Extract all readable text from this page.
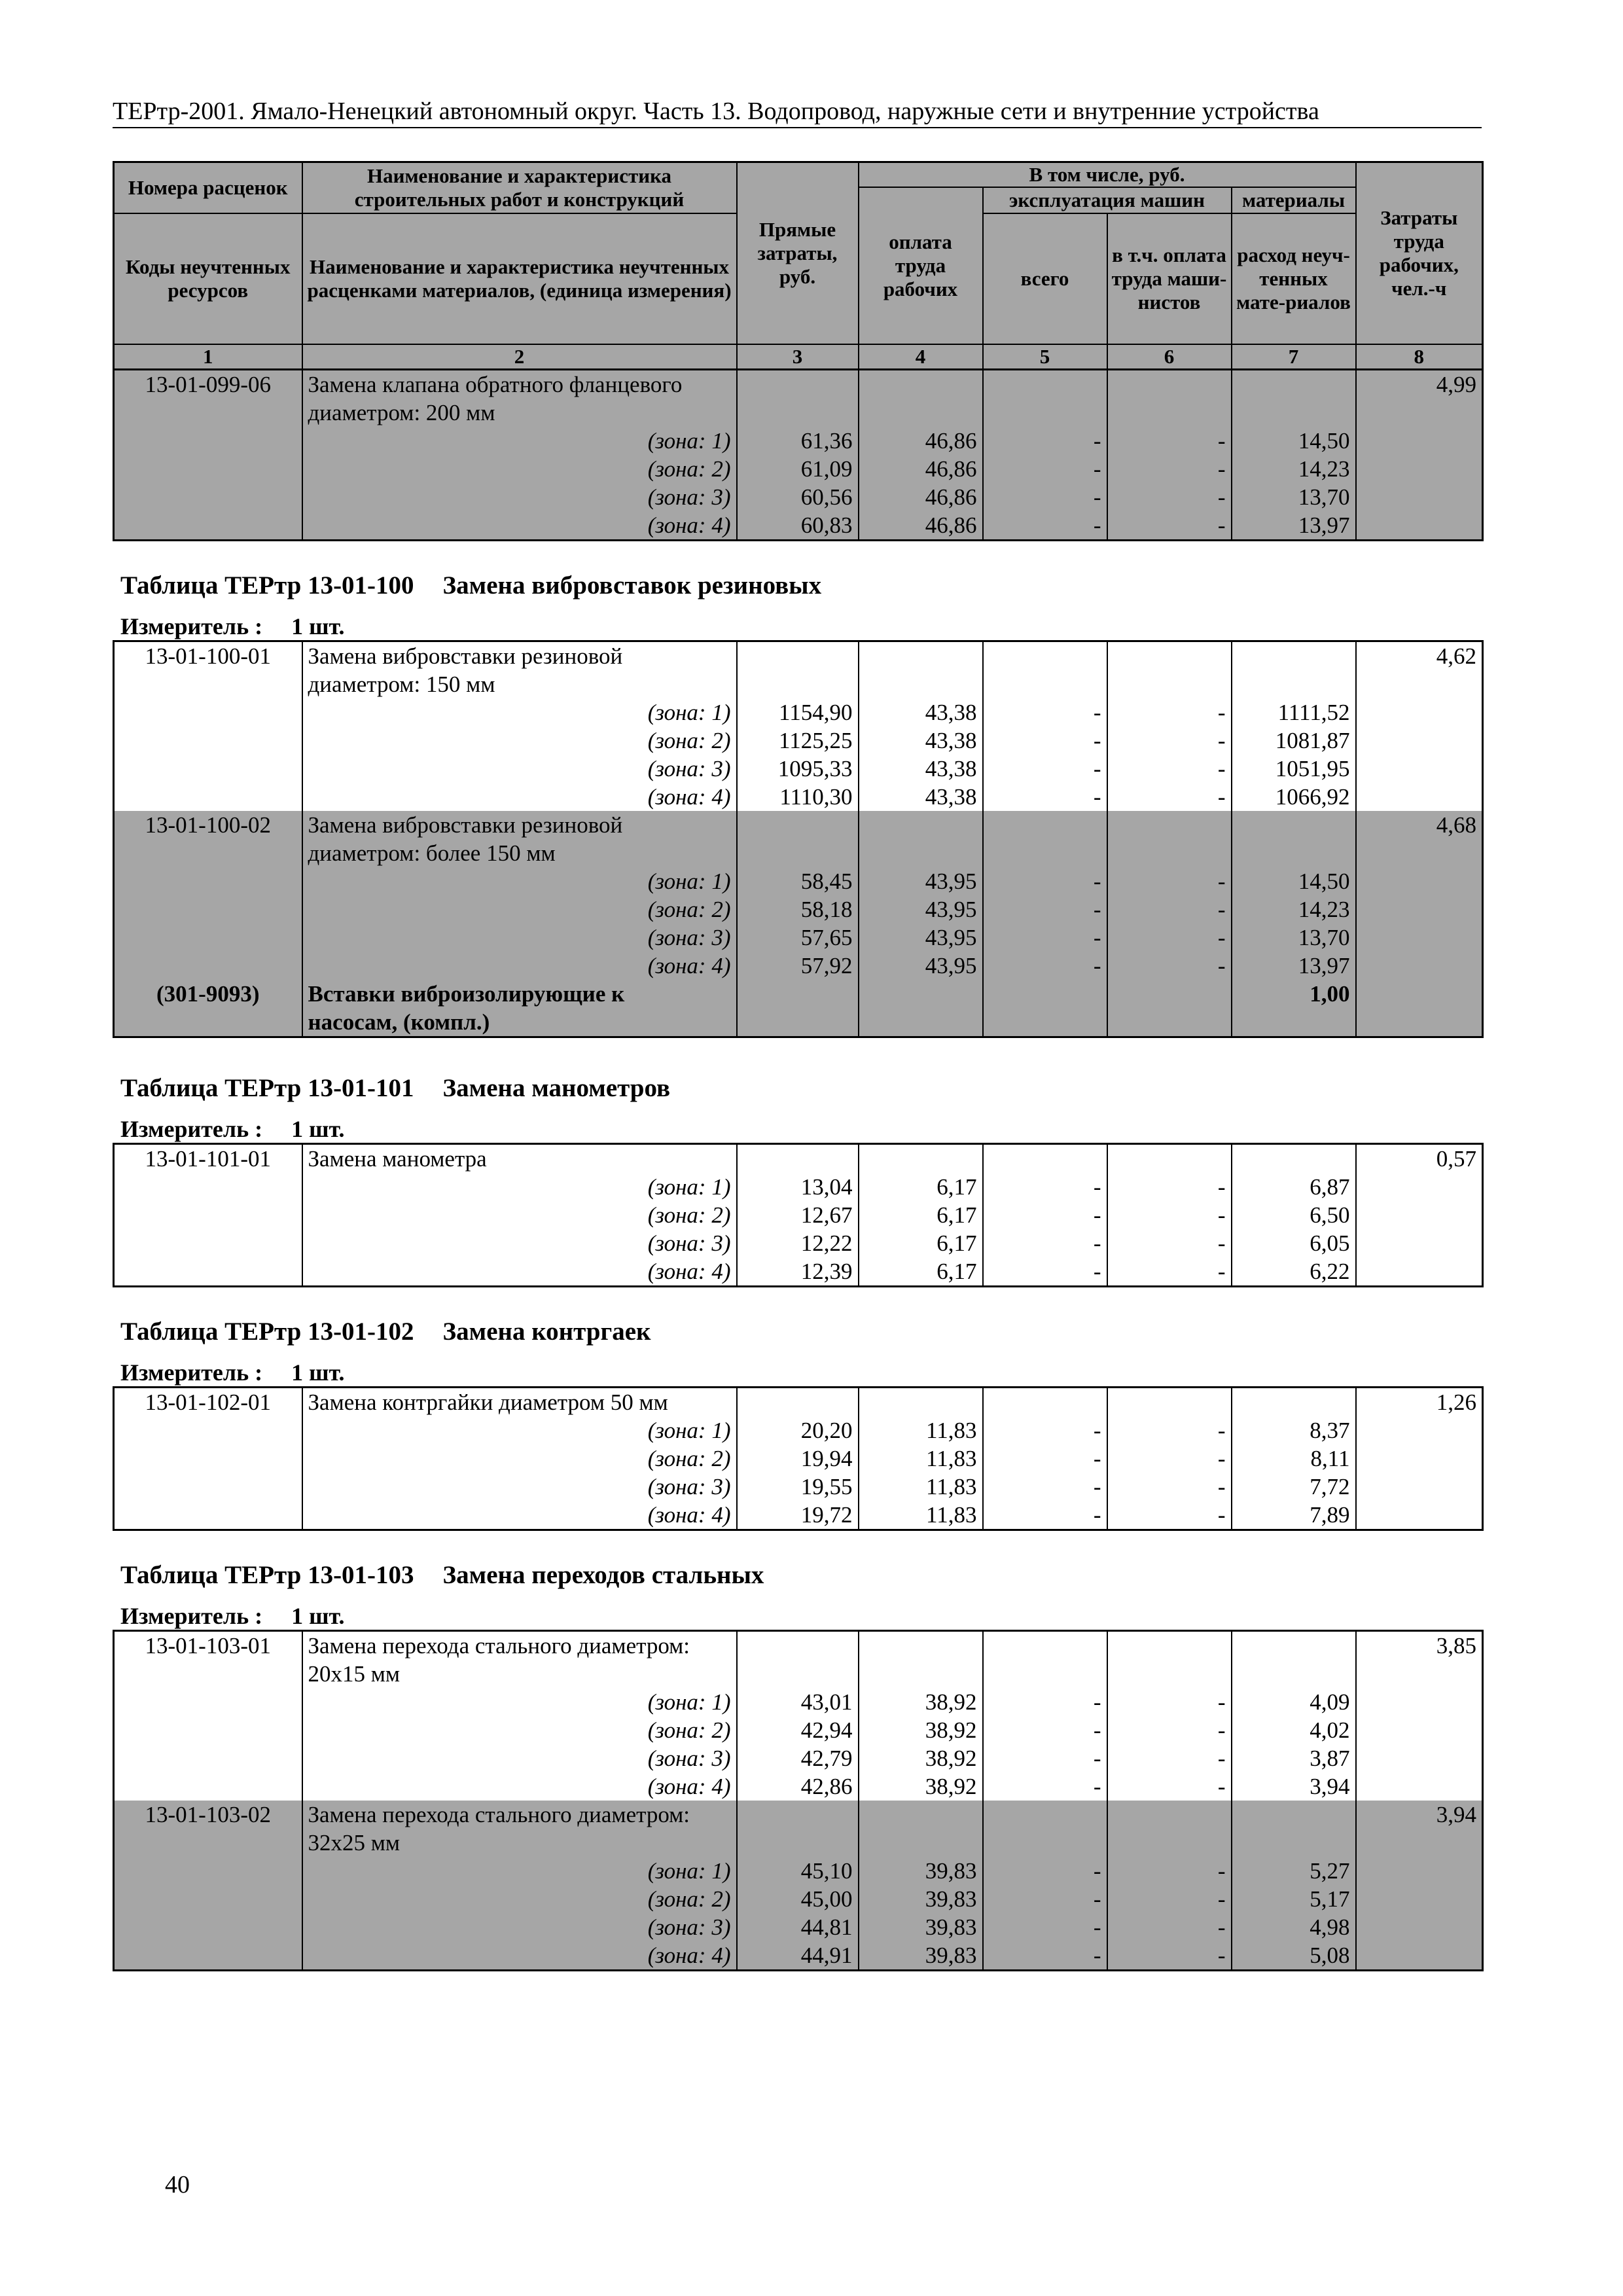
ТЕРтр-2001. Ямало-Ненецкий автономный округ. Часть 13. Водопровод, наружные сети и внутренние устройства
Номера расценок	Наименование и характеристика строительных работ и конструкций	Прямые затраты, руб.	В том числе, руб.				Затраты труда рабочих, чел.-ч
			оплата труда рабочих	эксплуатация машин		материалы	
Коды неучтенных ресурсов	Наименование и характеристика неучтенных расценками материалов, (единица измерения)			всего	в т.ч. оплата труда маши-нистов	расход неуч-тенных мате-риалов	
1	2	3	4	5	6	7	8
13-01-099-06	Замена клапана обратного фланцевого						4,99
	диаметром: 200 мм						
	(зона: 1)	61,36	46,86	-	-	14,50	
	(зона: 2)	61,09	46,86	-	-	14,23	
	(зона: 3)	60,56	46,86	-	-	13,70	
	(зона: 4)	60,83	46,86	-	-	13,97	
Таблица ТЕРтр 13-01-100 Замена вибровставок резиновых
Измеритель : 1 шт.
13-01-100-01	Замена вибровставки резиновой						4,62
	диаметром: 150 мм						
	(зона: 1)	1154,90	43,38	-	-	1111,52	
	(зона: 2)	1125,25	43,38	-	-	1081,87	
	(зона: 3)	1095,33	43,38	-	-	1051,95	
	(зона: 4)	1110,30	43,38	-	-	1066,92	
13-01-100-02	Замена вибровставки резиновой						4,68
	диаметром: более 150 мм						
	(зона: 1)	58,45	43,95	-	-	14,50	
	(зона: 2)	58,18	43,95	-	-	14,23	
	(зона: 3)	57,65	43,95	-	-	13,70	
	(зона: 4)	57,92	43,95	-	-	13,97	
(301-9093)	Вставки виброизолирующие к					1,00	
	насосам, (компл.)						
Таблица ТЕРтр 13-01-101 Замена манометров
Измеритель : 1 шт.
13-01-101-01	Замена манометра						0,57
	(зона: 1)	13,04	6,17	-	-	6,87	
	(зона: 2)	12,67	6,17	-	-	6,50	
	(зона: 3)	12,22	6,17	-	-	6,05	
	(зона: 4)	12,39	6,17	-	-	6,22	
Таблица ТЕРтр 13-01-102 Замена контргаек
Измеритель : 1 шт.
13-01-102-01	Замена контргайки диаметром 50 мм						1,26
	(зона: 1)	20,20	11,83	-	-	8,37	
	(зона: 2)	19,94	11,83	-	-	8,11	
	(зона: 3)	19,55	11,83	-	-	7,72	
	(зона: 4)	19,72	11,83	-	-	7,89	
Таблица ТЕРтр 13-01-103 Замена переходов стальных
Измеритель : 1 шт.
13-01-103-01	Замена перехода стального диаметром:						3,85
	20х15 мм						
	(зона: 1)	43,01	38,92	-	-	4,09	
	(зона: 2)	42,94	38,92	-	-	4,02	
	(зона: 3)	42,79	38,92	-	-	3,87	
	(зона: 4)	42,86	38,92	-	-	3,94	
13-01-103-02	Замена перехода стального диаметром:						3,94
	32х25 мм						
	(зона: 1)	45,10	39,83	-	-	5,27	
	(зона: 2)	45,00	39,83	-	-	5,17	
	(зона: 3)	44,81	39,83	-	-	4,98	
	(зона: 4)	44,91	39,83	-	-	5,08	
40
